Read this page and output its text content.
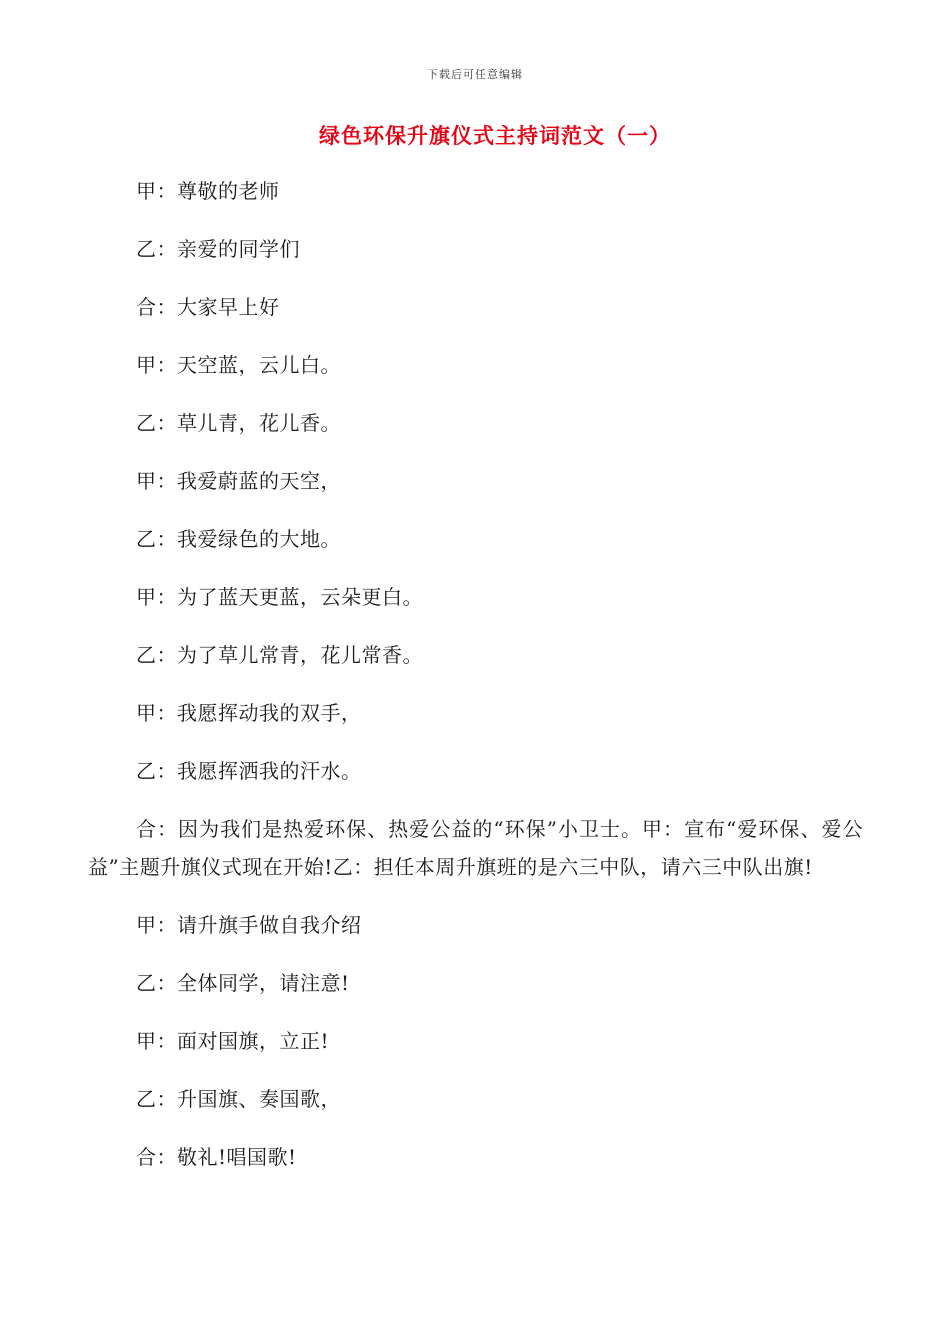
下载后可任意编辑
绿色环保升旗仪式主持词范文（一）

甲：尊敬的老师

乙：亲爱的同学们

合：大家早上好

甲：天空蓝，云儿白。

乙：草儿青，花儿香。

甲：我爱蔚蓝的天空，

乙：我爱绿色的大地。

甲：为了蓝天更蓝，云朵更白。

乙：为了草儿常青，花儿常香。

甲：我愿挥动我的双手，

乙：我愿挥洒我的汗水。

合：因为我们是热爱环保、热爱公益的“环保”小卫士。甲：宣布“爱环保、爱公益”主题升旗仪式现在开始!乙：担任本周升旗班的是六三中队，请六三中队出旗!

甲：请升旗手做自我介绍

乙：全体同学，请注意!

甲：面对国旗，立正!

乙：升国旗、奏国歌，

合：敬礼!唱国歌!
